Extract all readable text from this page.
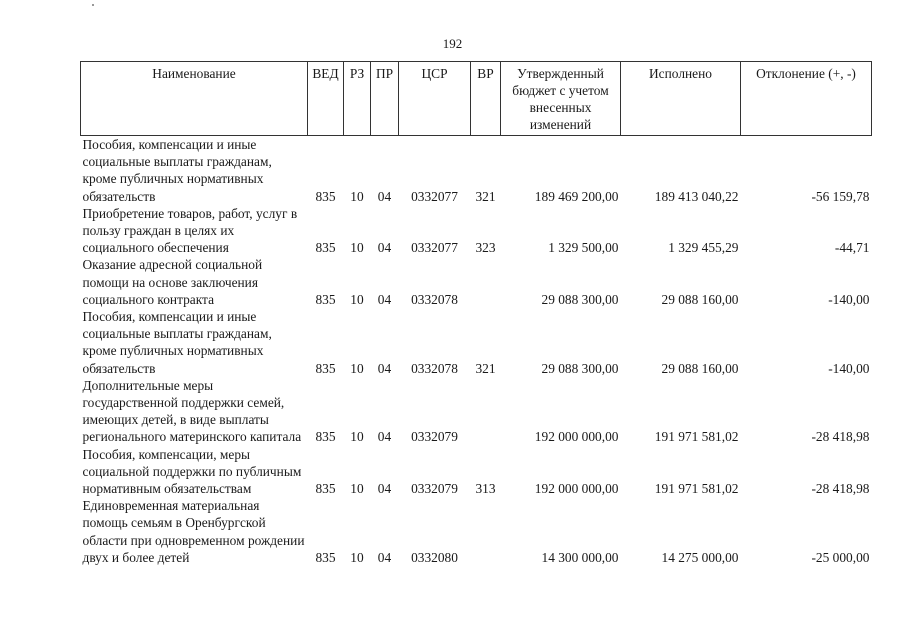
192
Наименование	ВЕД	РЗ	ПР	ЦСР	ВР	Утвержденный бюджет с учетом внесенных изменений	Исполнено	Отклонение (+, -)
Пособия, компенсации и иные социальные выплаты гражданам, кроме публичных нормативных обязательств	835	10	04	0332077	321	189 469 200,00	189 413 040,22	-56 159,78
Приобретение товаров, работ, услуг в пользу граждан в целях их социального обеспечения	835	10	04	0332077	323	1 329 500,00	1 329 455,29	-44,71
Оказание адресной социальной помощи на основе заключения социального контракта	835	10	04	0332078		29 088 300,00	29 088 160,00	-140,00
Пособия, компенсации и иные социальные выплаты гражданам, кроме публичных нормативных обязательств	835	10	04	0332078	321	29 088 300,00	29 088 160,00	-140,00
Дополнительные меры государственной поддержки семей, имеющих детей, в виде выплаты регионального материнского капитала	835	10	04	0332079		192 000 000,00	191 971 581,02	-28 418,98
Пособия, компенсации, меры социальной поддержки по публичным нормативным обязательствам	835	10	04	0332079	313	192 000 000,00	191 971 581,02	-28 418,98
Единовременная материальная помощь семьям в Оренбургской области при одновременном рождении двух и более детей	835	10	04	0332080		14 300 000,00	14 275 000,00	-25 000,00
